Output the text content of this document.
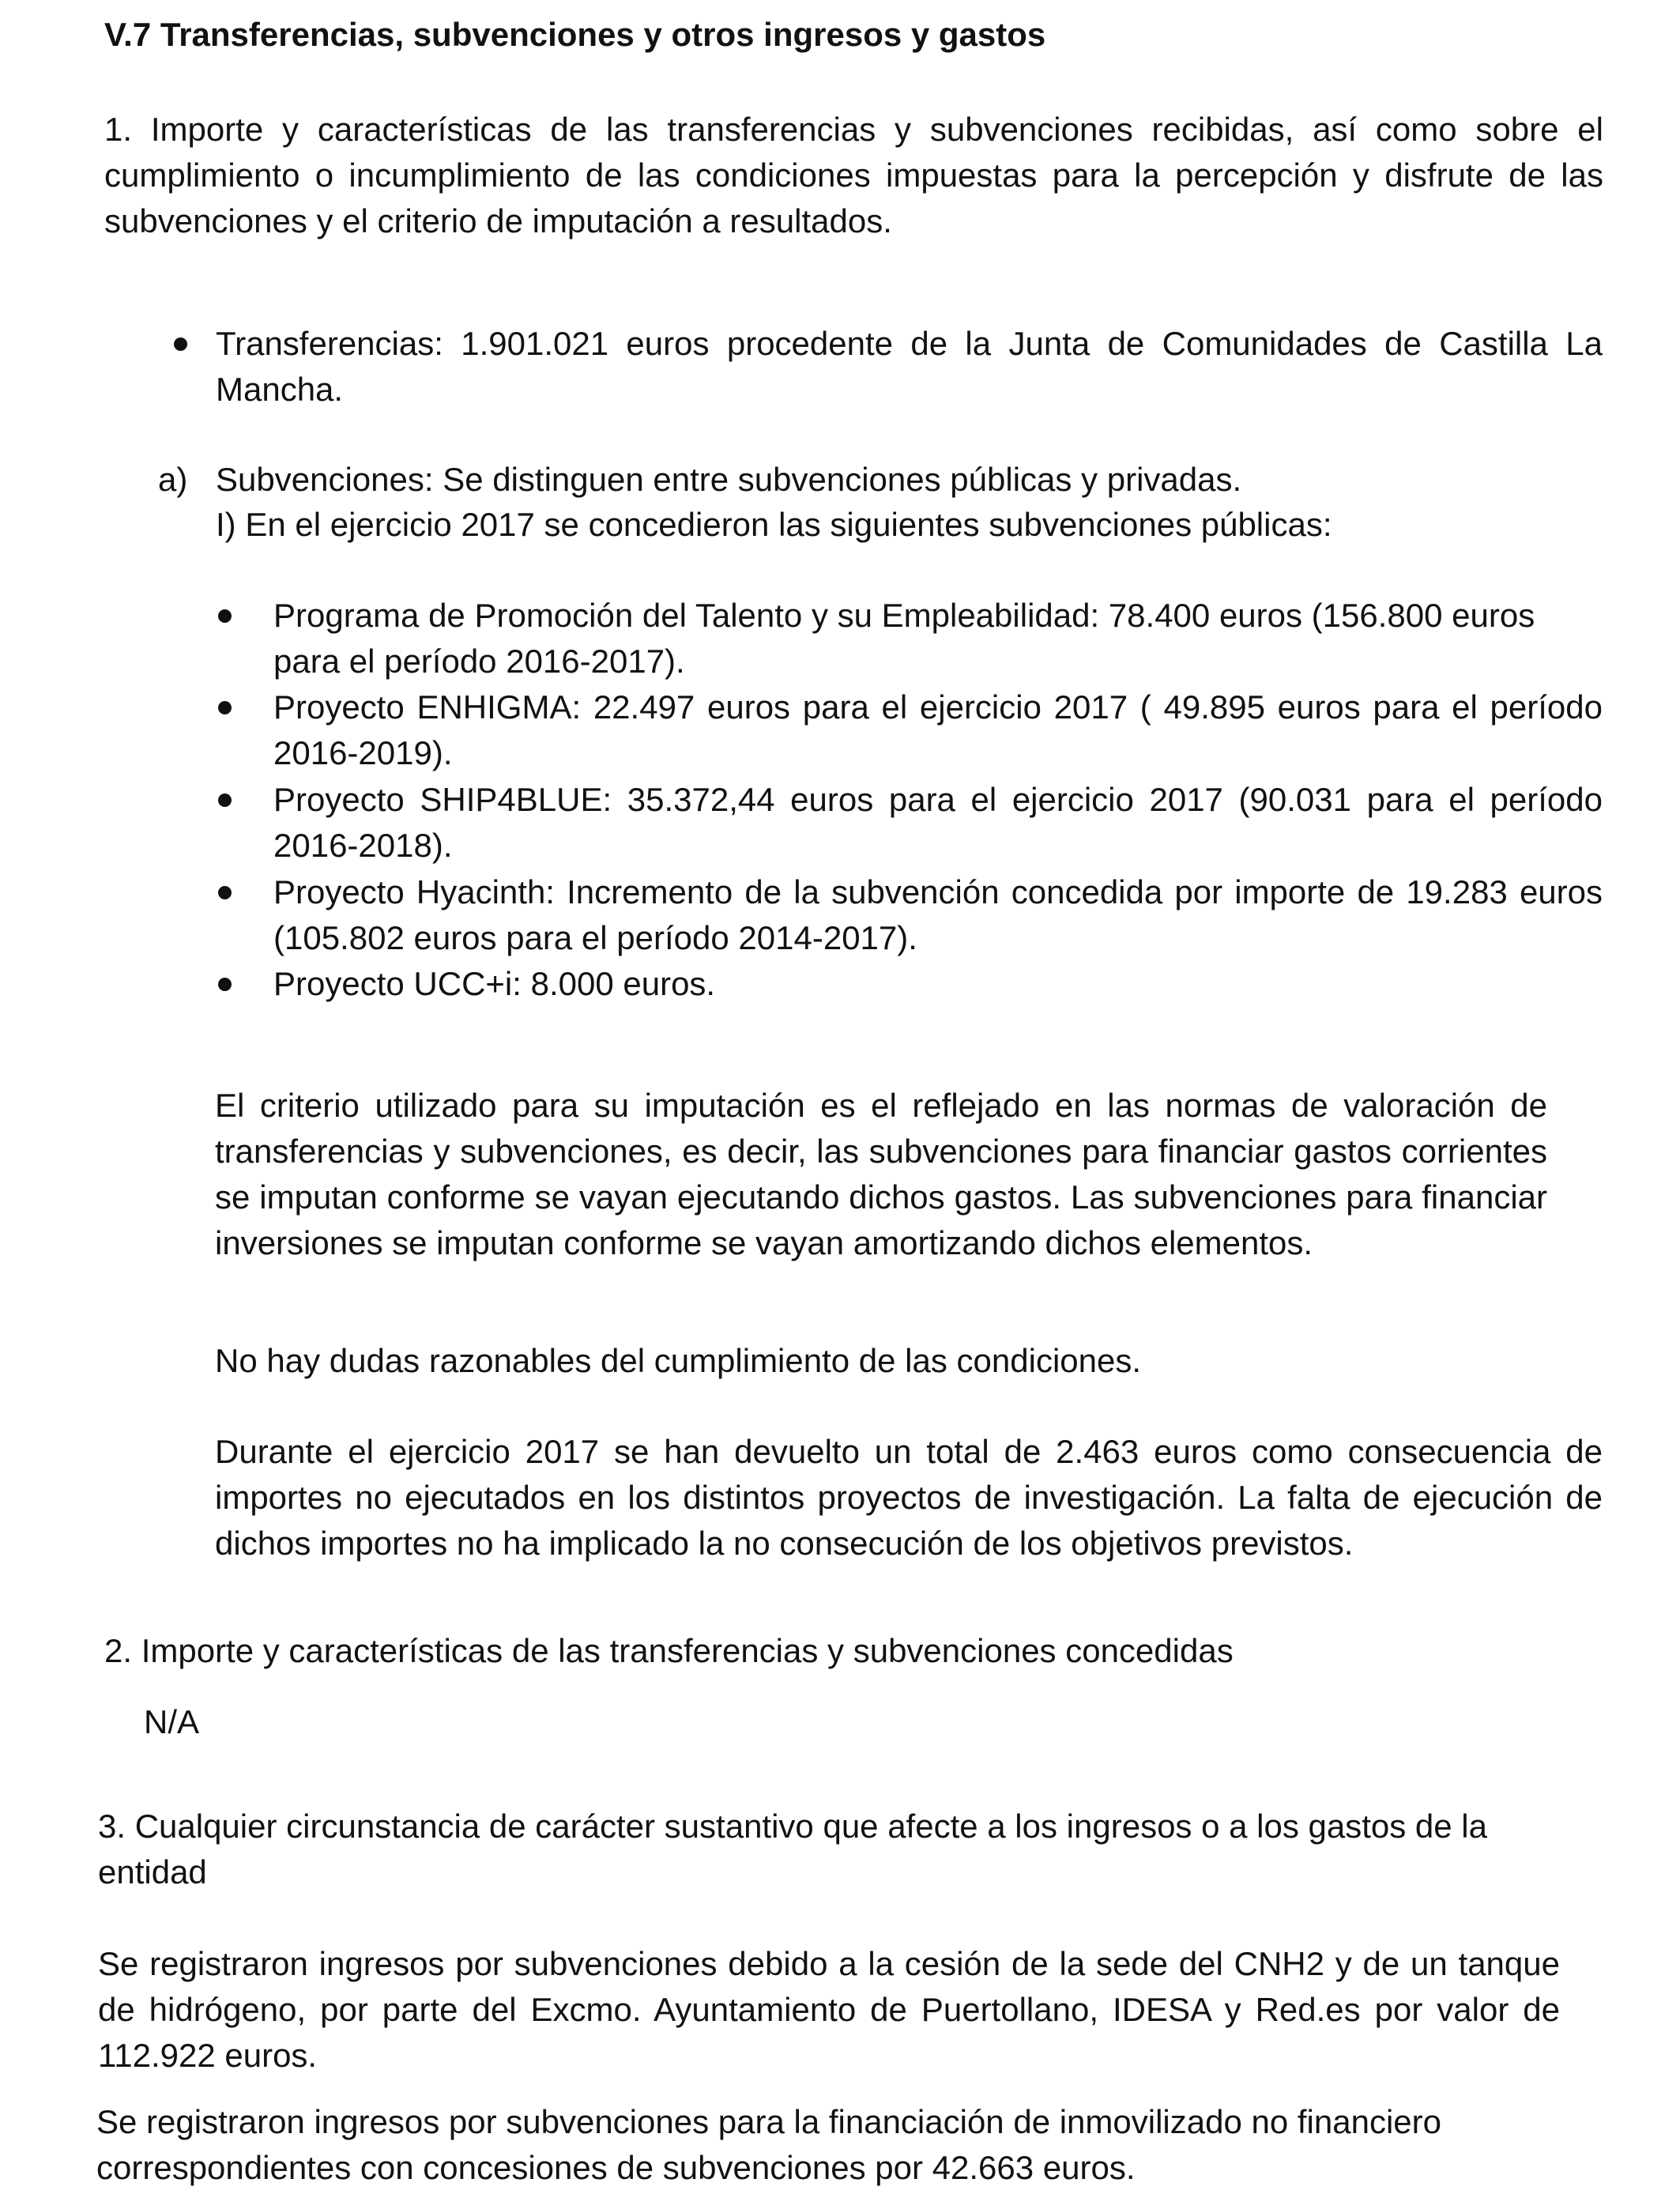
V.7 Transferencias, subvenciones y otros ingresos y gastos
1. Importe y características de las transferencias y subvenciones recibidas, así como sobre el cumplimiento o incumplimiento de las condiciones impuestas para la percepción y disfrute de las subvenciones y el criterio de imputación a resultados.
Transferencias: 1.901.021 euros procedente de la Junta de Comunidades de Castilla La Mancha.
a) Subvenciones: Se distinguen entre subvenciones públicas y privadas.
I) En el ejercicio 2017 se concedieron las siguientes subvenciones públicas:
Programa de Promoción del Talento y su Empleabilidad: 78.400 euros (156.800 euros para el período 2016-2017).
Proyecto ENHIGMA: 22.497 euros para el ejercicio 2017 ( 49.895 euros para el período 2016-2019).
Proyecto SHIP4BLUE: 35.372,44 euros para el ejercicio 2017 (90.031 para el período 2016-2018).
Proyecto Hyacinth: Incremento de la subvención concedida por importe de 19.283 euros (105.802 euros para el período 2014-2017).
Proyecto UCC+i: 8.000 euros.
El criterio utilizado para su imputación es el reflejado en las normas de valoración de transferencias y subvenciones, es decir, las subvenciones para financiar gastos corrientes se imputan conforme se vayan ejecutando dichos gastos. Las subvenciones para financiar inversiones se imputan conforme se vayan amortizando dichos elementos.
No hay dudas razonables del cumplimiento de las condiciones.
Durante el ejercicio 2017 se han devuelto un total de 2.463 euros como consecuencia de importes no ejecutados en los distintos proyectos de investigación. La falta de ejecución de dichos importes no ha implicado la no consecución de los objetivos previstos.
2. Importe y características de las transferencias y subvenciones concedidas
N/A
3. Cualquier circunstancia de carácter sustantivo que afecte a los ingresos o a los gastos de la entidad
Se registraron ingresos por subvenciones debido a la cesión de la sede del CNH2 y de un tanque de hidrógeno, por parte del Excmo. Ayuntamiento de Puertollano, IDESA y Red.es por valor de 112.922 euros.
Se registraron ingresos por subvenciones para la financiación de inmovilizado no financiero correspondientes con concesiones de subvenciones por 42.663 euros.
